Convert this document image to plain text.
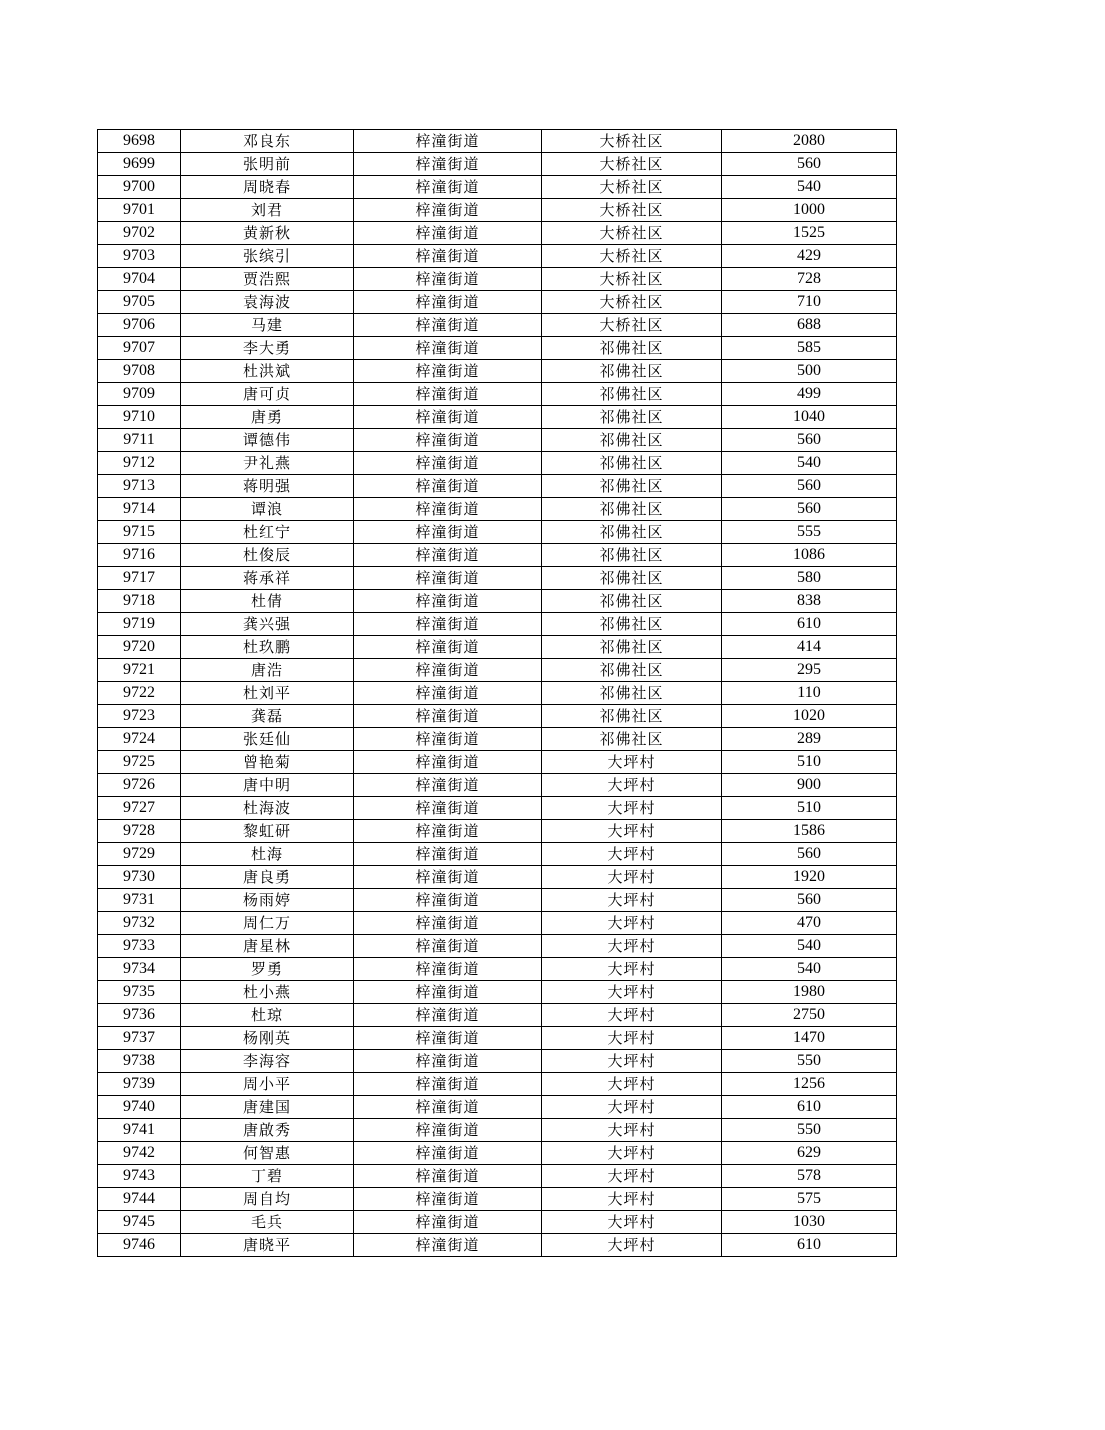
9698	邓良东	梓潼街道	大桥社区	2080
9699	张明前	梓潼街道	大桥社区	560
9700	周晓春	梓潼街道	大桥社区	540
9701	刘君	梓潼街道	大桥社区	1000
9702	黄新秋	梓潼街道	大桥社区	1525
9703	张缤引	梓潼街道	大桥社区	429
9704	贾浩熙	梓潼街道	大桥社区	728
9705	袁海波	梓潼街道	大桥社区	710
9706	马建	梓潼街道	大桥社区	688
9707	李大勇	梓潼街道	祁佛社区	585
9708	杜洪斌	梓潼街道	祁佛社区	500
9709	唐可贞	梓潼街道	祁佛社区	499
9710	唐勇	梓潼街道	祁佛社区	1040
9711	谭德伟	梓潼街道	祁佛社区	560
9712	尹礼燕	梓潼街道	祁佛社区	540
9713	蒋明强	梓潼街道	祁佛社区	560
9714	谭浪	梓潼街道	祁佛社区	560
9715	杜红宁	梓潼街道	祁佛社区	555
9716	杜俊辰	梓潼街道	祁佛社区	1086
9717	蒋承祥	梓潼街道	祁佛社区	580
9718	杜倩	梓潼街道	祁佛社区	838
9719	龚兴强	梓潼街道	祁佛社区	610
9720	杜玖鹏	梓潼街道	祁佛社区	414
9721	唐浩	梓潼街道	祁佛社区	295
9722	杜刘平	梓潼街道	祁佛社区	110
9723	龚磊	梓潼街道	祁佛社区	1020
9724	张廷仙	梓潼街道	祁佛社区	289
9725	曾艳菊	梓潼街道	大坪村	510
9726	唐中明	梓潼街道	大坪村	900
9727	杜海波	梓潼街道	大坪村	510
9728	黎虹研	梓潼街道	大坪村	1586
9729	杜海	梓潼街道	大坪村	560
9730	唐良勇	梓潼街道	大坪村	1920
9731	杨雨婷	梓潼街道	大坪村	560
9732	周仁万	梓潼街道	大坪村	470
9733	唐星林	梓潼街道	大坪村	540
9734	罗勇	梓潼街道	大坪村	540
9735	杜小燕	梓潼街道	大坪村	1980
9736	杜琼	梓潼街道	大坪村	2750
9737	杨刚英	梓潼街道	大坪村	1470
9738	李海容	梓潼街道	大坪村	550
9739	周小平	梓潼街道	大坪村	1256
9740	唐建国	梓潼街道	大坪村	610
9741	唐啟秀	梓潼街道	大坪村	550
9742	何智惠	梓潼街道	大坪村	629
9743	丁碧	梓潼街道	大坪村	578
9744	周自均	梓潼街道	大坪村	575
9745	毛兵	梓潼街道	大坪村	1030
9746	唐晓平	梓潼街道	大坪村	610
